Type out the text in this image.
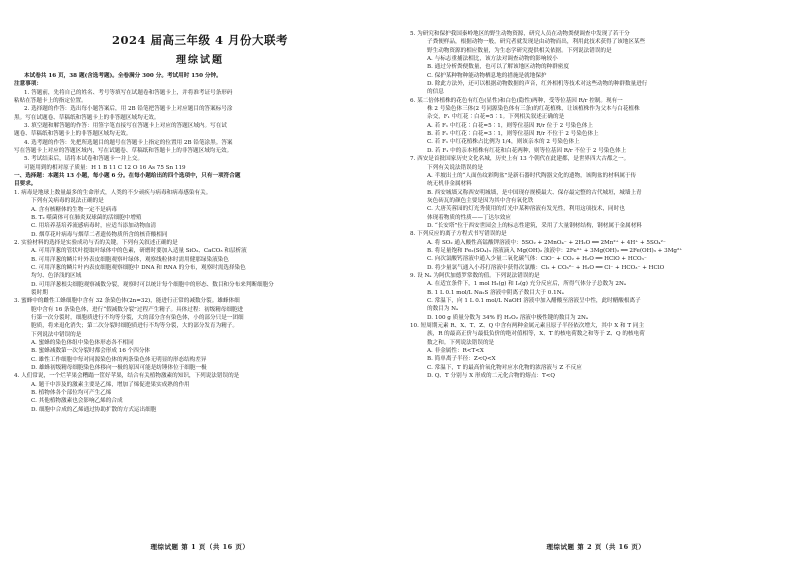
2024 届高三年级 4 月份大联考
理综试题
本试卷共 16 页，38 题(含选考题)。全卷满分 300 分。考试用时 150 分钟。
注意事项：
1. 答题前，先将自己的姓名、考号等填写在试题卷和答题卡上，并将准考证号条形码
粘贴在答题卡上的指定位置。
2. 选择题的作答：选出每小题答案后，用 2B 铅笔把答题卡上对应题目的答案标号涂
黑。写在试题卷、草稿纸和答题卡上的非答题区域均无效。
3. 填空题和解答题的作答：用签字笔直接写在答题卡上对应的答题区域内。写在试
题卷、草稿纸和答题卡上的非答题区域均无效。
4. 选考题的作答：先把所选题目的题号在答题卡上指定的位置用 2B 铅笔涂黑。答案
写在答题卡上对应的答题区域内，写在试题卷、草稿纸和答题卡上的非答题区域均无效。
5. 考试结束后，请将本试卷和答题卡一并上交。
可能用到的相对原子质量：H 1 B 11 C 12 O 16 As 75 Sn 119
一、选择题：本题共 13 小题，每小题 6 分。在每小题给出的四个选项中，只有一项符合题
目要求。
1. 病毒是地球上数量最多的生命形式，人类的不少顽疾与病毒和病毒感染有关。
下列有关病毒的说法正确的是
A. 含有核糖体的生物一定不是病毒
B. T₂ 噬菌体可在肺炎双球菌的活细胞中增殖
C. 用培养基培养流感病毒时，应适当添加动物血清
D. 烟草花叶病毒与烟草二者遗传物质所含的核苷酸相同
2. 实验材料的选择是实验成功与否的关键。下列有关叙述正确的是
A. 可用洋葱的管状叶提取叶绿体中的色素，研磨时要加入适量 SiO₂、CaCO₃ 和层析液
B. 可用洋葱的鳞片叶外表皮细胞观察叶绿体，观察线粒体时需用健那绿染液染色
C. 可用洋葱的鳞片叶内表皮细胞观察细胞中 DNA 和 RNA 的分布，观察时需选择染色
均匀、色泽浅的区域
D. 可用洋葱根尖细胞观察减数分裂，观察时可以统计每个细胞中的形态、数目和分布来判断细胞分
裂时期
3. 蜜蜂中的雌性工蜂细胞中含有 32 条染色体(2n=32)，能进行正常的减数分裂。雄蜂体细
胞中含有 16 条染色体，进行“假减数分裂”过程产生精子。具体过程：初级精母细胞进
行第一次分裂时，细胞质进行不均等分裂，大的部分含有染色体，小的部分只是一团细
胞质，将来退化消失；第二次分裂时细胞质进行不均等分裂，大的部分发育为精子。
下列说法中错误的是
A. 蜜蜂的染色体组中染色体形态各不相同
B. 蜜蜂减数第一次分裂时都会形成 16 个四分体
C. 雄性工作细胞中每对同源染色体的两条染色体无明显的形态结构差异
D. 雄蜂初级精母细胞染色体移向一极的原因可能是纺锤体位于细胞一极
4. 人们常说，一个烂苹果会糟蹋一筐好苹果，结合有关植物激素的知识，下列说法错误的是
A. 题干中涉及的激素主要是乙烯，增加了烯促进果实成熟的作用
B. 植物体各个部位均可产生乙烯
C. 其他植物激素也会影响乙烯的合成
D. 细胞中合成的乙烯通过协助扩散的方式运出细胞
理综试题 第 1 页（共 16 页）
5. 为研究和保护我国秦岭地区的野生动物资源，研究人员在动物粪便调查中发现了若干分
子粪便样品，根据动物一般，研究者就发现是由动物而出，利用此技术获得了该地区某些
野生动物资源的相应数量，为生态学研究提供相关依据。下列说法错误的是
A. 与标志重捕法相比，该方法对调查动物的影响较小
B. 通过分析粪便数量，也可以了解该地区动物的种群密度
C. 保护某种物种能动物栖息地的措施是就地保护
D. 除此方法外，还可以根据动物数据的声音，红外相机等技术对这些动物的种群数量进行
的信息
6. 某二倍体植株的花色有红色(显性)和白色(隐性)两种，受等位基因 R/r 控制。现有一
株 2 号染色体三体(2 号同源染色体有三条)的红花植株，让该植株作为父本与白花植株
杂交，F₁ 中红花∶白花=5∶1。下列相关叙述正确的是
A. 若 F₁ 中红花∶白花=5∶1，则等位基因 R/r 位于 2 号染色体上
B. 若 F₁ 中红花∶白花=3∶1，则等位基因 R/r 不位于 2 号染色体上
C. 若 F₁ 中红花植株占比例为 1/4，则该亲本的 2 号染色体上
D. 若 F₁ 中的亲本植株有红花和白花两种，则等位基因 R/r 不位于 2 号染色体上
7. 西安是首批国家历史文化名城，历史上有 13 个朝代在此建都，是世界四大古都之一。
下列有关说法错误的是
A. 半坡出土的“人面鱼纹彩陶盆”是新石器时代陶器文化的遗物，该陶盆的材料属于传
统无机非金属材料
B. 西安城墙又称西安明城墙，是中国现存规模最大、保存最完整的古代城垣，城墙上青
灰色砖瓦的颜色主要是因为其中含有氧化铁
C. 大唐芙蓉园的灯光秀使用的灯光中某种溶液有发光性，利用这项技术，同时也
体现着物质的性质——丁达尔效应
D. “长安塔”位于西安世园会上的标志性建筑，采用了大量钢材结构，钢材属于金属材料
8. 下列反应的离子方程式书写错误的是
A. 将 SO₂ 通入酸性高锰酸钾溶液中：5SO₂ + 2MnO₄⁻ + 2H₂O ══ 2Mn²⁺ + 4H⁺ + 5SO₄²⁻
B. 将足量饱和 Fe₂(SO₄)₃ 溶液滴入 Mg(OH)₂ 浊液中：2Fe³⁺ + 3Mg(OH)₂ ══ 2Fe(OH)₃ + 3Mg²⁺
C. 向次氯酸钙溶液中通入少量二氧化碳气体：ClO⁻ + CO₂ + H₂O ══ HClO + HCO₃⁻
D. 将少量氯气通入小苏打溶液中获得次氯酸：Cl₂ + CO₃²⁻ + H₂O ══ Cl⁻ + HCO₃⁻ + HClO
9. 设 Nₐ 为阿伏加德罗常数的值。下列说法错误的是
A. 在适宜条件下，1 mol H₂(g) 和 I₂(g) 充分反应后，所得气体分子总数为 2Nₐ
B. 1 L 0.1 mol/L Na₂S 溶液中阴离子数目大于 0.1Nₐ
C. 常温下，向 1 L 0.1 mol/L NaOH 溶液中加入醋酸至溶液呈中性，此时醋酸根离子
的数目为 Nₐ
D. 100 g 质量分数为 34% 的 H₂O₂ 溶液中极性键的数目为 2Nₐ
10. 短周期元素 R、X、T、Z、Q 中含有两种金属元素且原子半径依次增大，其中 X 和 T 同主
族，R 的最高正价与最低负价的绝对值相等，X、T 的核电荷数之和等于 Z、Q 的核电荷
数之和。下列说法错误的是
A. 非金属性：R<T<X
B. 简单离子半径：Z<Q<X
C. 常温下，T 的最高价氧化物对应水化物的浓溶液与 Z 不反应
D. Q、T 分别与 X 形成的二元化合物的熔点：T<Q
理综试题 第 2 页（共 16 页）
